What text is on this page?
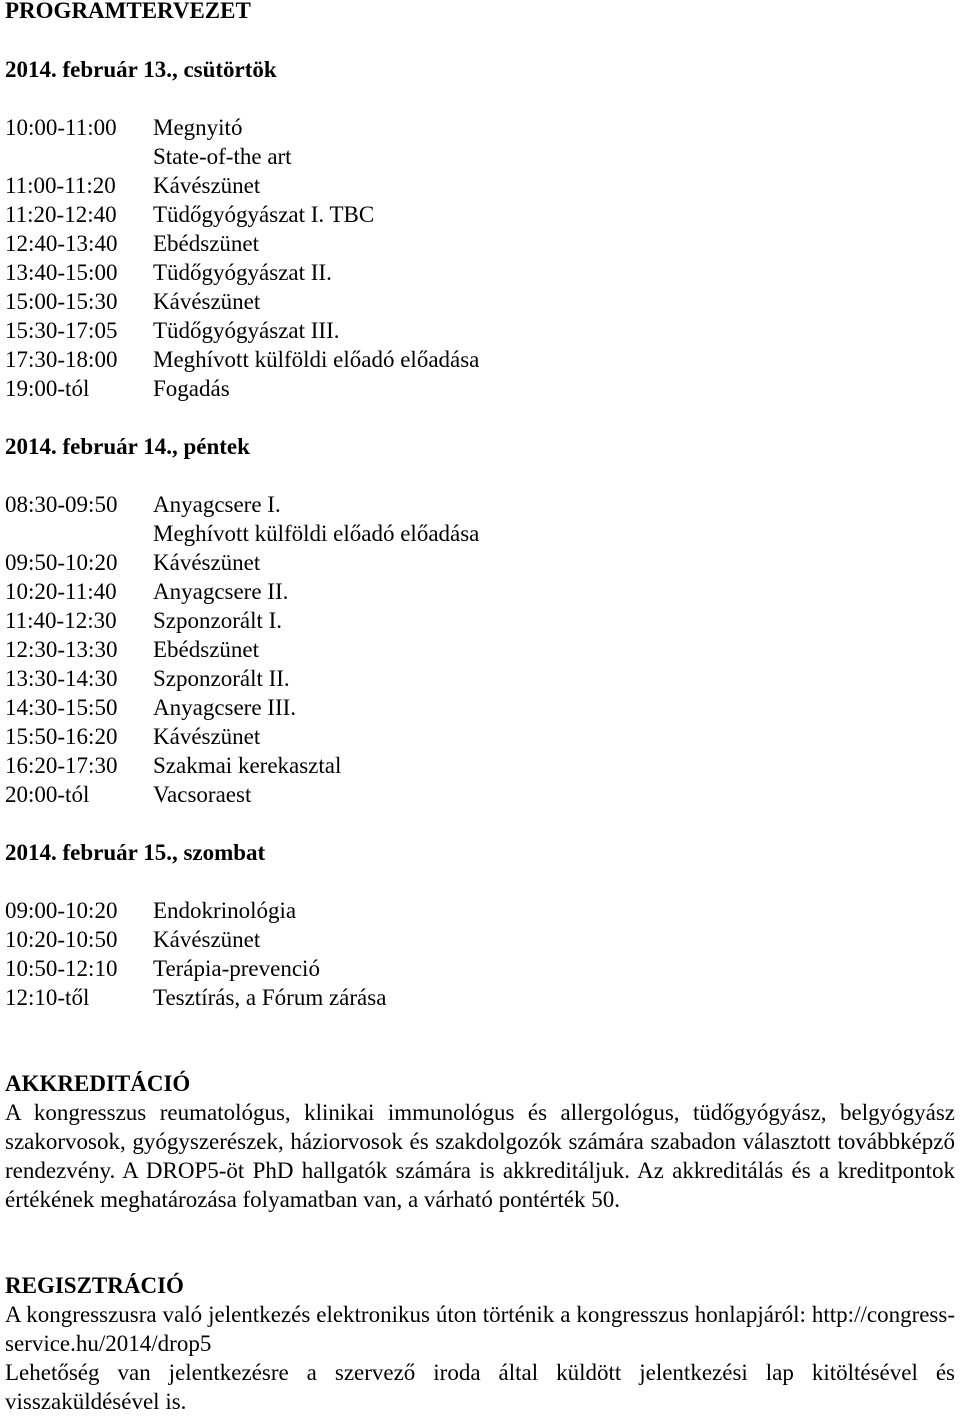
PROGRAMTERVEZET
2014. február 13., csütörtök
10:00-11:00	Megnyitó
State-of-the art
11:00-11:20	Kávészünet
11:20-12:40	Tüdőgyógyászat I. TBC
12:40-13:40	Ebédszünet
13:40-15:00	Tüdőgyógyászat II.
15:00-15:30	Kávészünet
15:30-17:05	Tüdőgyógyászat III.
17:30-18:00	Meghívott külföldi előadó előadása
19:00-tól	Fogadás
2014. február 14., péntek
08:30-09:50	Anyagcsere I.
Meghívott külföldi előadó előadása
09:50-10:20	Kávészünet
10:20-11:40	Anyagcsere II.
11:40-12:30	Szponzorált I.
12:30-13:30	Ebédszünet
13:30-14:30	Szponzorált II.
14:30-15:50	Anyagcsere III.
15:50-16:20	Kávészünet
16:20-17:30	Szakmai kerekasztal
20:00-tól	Vacsoraest
2014. február 15., szombat
09:00-10:20	Endokrinológia
10:20-10:50	Kávészünet
10:50-12:10	Terápia-prevenció
12:10-től	Tesztírás, a Fórum zárása
AKKREDITÁCIÓ

A kongresszus reumatológus, klinikai immunológus és allergológus, tüdőgyógyász, belgyógyász szakorvosok, gyógyszerészek, háziorvosok és szakdolgozók számára szabadon választott továbbképző rendezvény. A DROP5-öt PhD hallgatók számára is akkreditáljuk. Az akkreditálás és a kreditpontok értékének meghatározása folyamatban van, a várható pontérték 50.

REGISZTRÁCIÓ

A kongresszusra való jelentkezés elektronikus úton történik a kongresszus honlapjáról: http://congress-service.hu/2014/drop5

Lehetőség van jelentkezésre a szervező iroda által küldött jelentkezési lap kitöltésével és visszaküldésével is.
